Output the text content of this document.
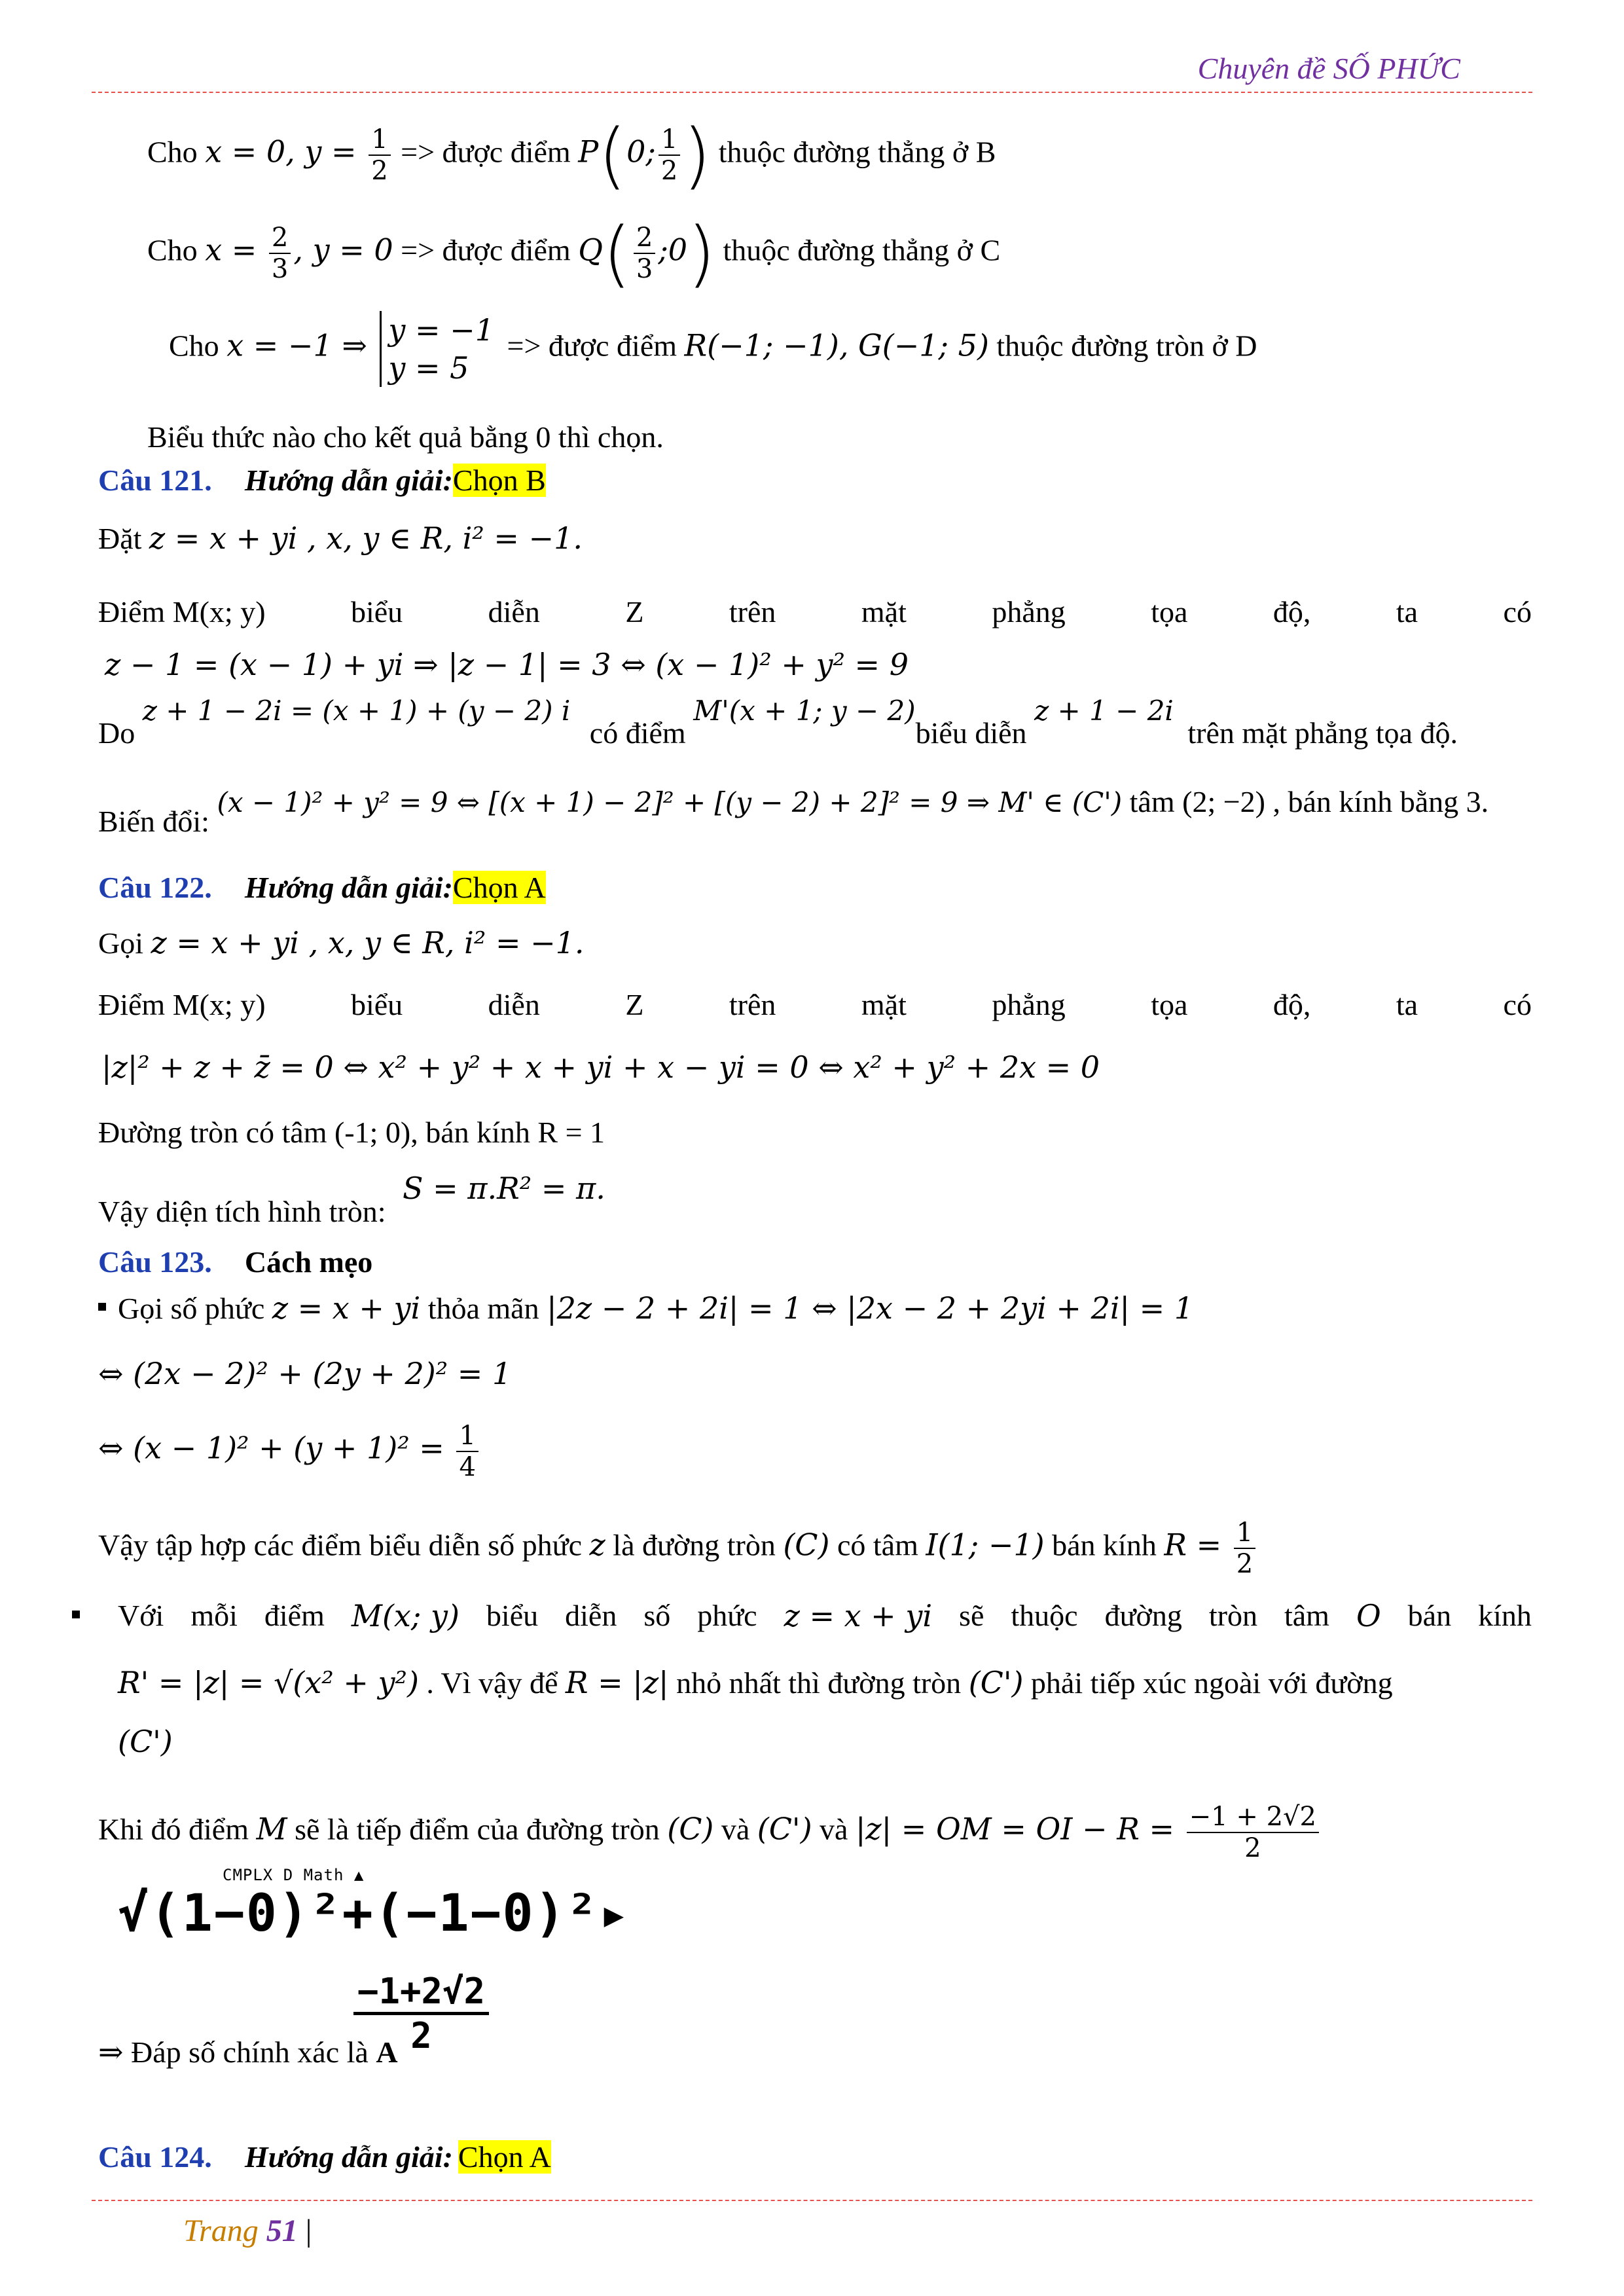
Chuyên đề SỐ PHỨC
Cho x = 0, $y = \frac{1}{2}$ => được điểm P(0; $\frac{1}{2}$ ) thuộc đường thẳng ở B
Cho $x = \frac{2}{3}$ , y = 0 => được điểm $Q( \frac{2}{3}$ ;0) thuộc đường thẳng ở C
Cho x = −1 ⇒ y = −1
y = 5
=> được điểm R(−1; −1), G(−1; 5) thuộc đường tròn ở D
Biểu thức nào cho kết quả bằng 0 thì chọn.
Câu 121. Hướng dẫn giải:Chọn B
Đặt z = x + yi , x, y ∈ R, i² = −1.
Điểm M(x; y)	biểu	diễn	Z	trên	mặt	phẳng	tọa	độ,	ta	có
z − 1 = (x − 1) + yi ⇒ |z − 1| = 3 ⇔ (x − 1)² + y² = 9
Do z + 1 − 2i = (x + 1) + (y − 2) i có điểm M'(x + 1; y − 2)biểu diễn z + 1 − 2i trên mặt phẳng tọa độ.
Biến đổi: (x − 1)² + y² = 9 ⇔ [(x + 1) − 2]² + [(y − 2) + 2]² = 9 ⇒ M' ∈ (C') tâm (2; −2) , bán kính bằng 3.
Câu 122. Hướng dẫn giải:Chọn A
Gọi z = x + yi , x, y ∈ R, i² = −1.
Điểm M(x; y)	biểu	diễn	Z	trên	mặt	phẳng	tọa	độ,	ta	có
|z|² + z + z̄ = 0 ⇔ x² + y² + x + yi + x − yi = 0 ⇔ x² + y² + 2x = 0
Đường tròn có tâm (-1; 0), bán kính R = 1
Vậy diện tích hình tròn: S = π.R² = π.
Câu 123. Cách mẹo
Gọi số phức z = x + yi thỏa mãn |2z − 2 + 2i| = 1 ⇔ |2x − 2 + 2yi + 2i| = 1
⇔ (2x − 2)² + (2y + 2)² = 1
⇔ $(x - 1)^2 + (y + 1)^2 = \frac{1}{4}$
Vậy tập hợp các điểm biểu diễn số phức z là đường tròn (C) có tâm I(1; −1) bán kính $R = \frac{1}{2}$
Với mỗi điểm M(x; y) biểu diễn số phức z = x + yi sẽ thuộc đường tròn tâm O bán kính
R' = |z| = √(x² + y²) . Vì vậy để R = |z| nhỏ nhất thì đường tròn (C') phải tiếp xúc ngoài với đường
(C')
Khi đó điểm M sẽ là tiếp điểm của đường tròn (C) và (C') và |z| = OM = OI − $R = \frac{-1 + 2√2}{2}$
CMPLX D Math ▲
√(1−0)²+(−1−0)²▸
−1+2√2
2
⇒ Đáp số chính xác là A
Câu 124. Hướng dẫn giải: Chọn A
Trang 51 |
